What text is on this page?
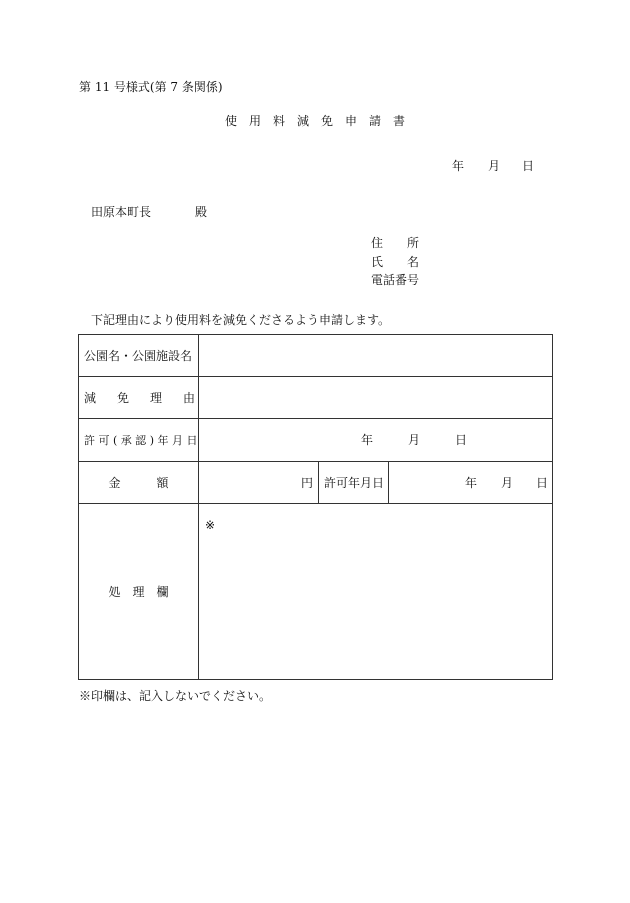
第 11 号様式(第 7 条関係)
使　用　料　減　免　申　請　書
年 月 日
田原本町長	殿
住　　所
氏　　名
電話番号
下記理由により使用料を減免くださるよう申請します。
公園名・公園施設名			

減 免 理 由			

許 可 ( 承 認 ) 年 月 日	年 月 日		

金　　　額	円	許可年月日	年 月 日

処　理　欄	※		
※印欄は、記入しないでください。
